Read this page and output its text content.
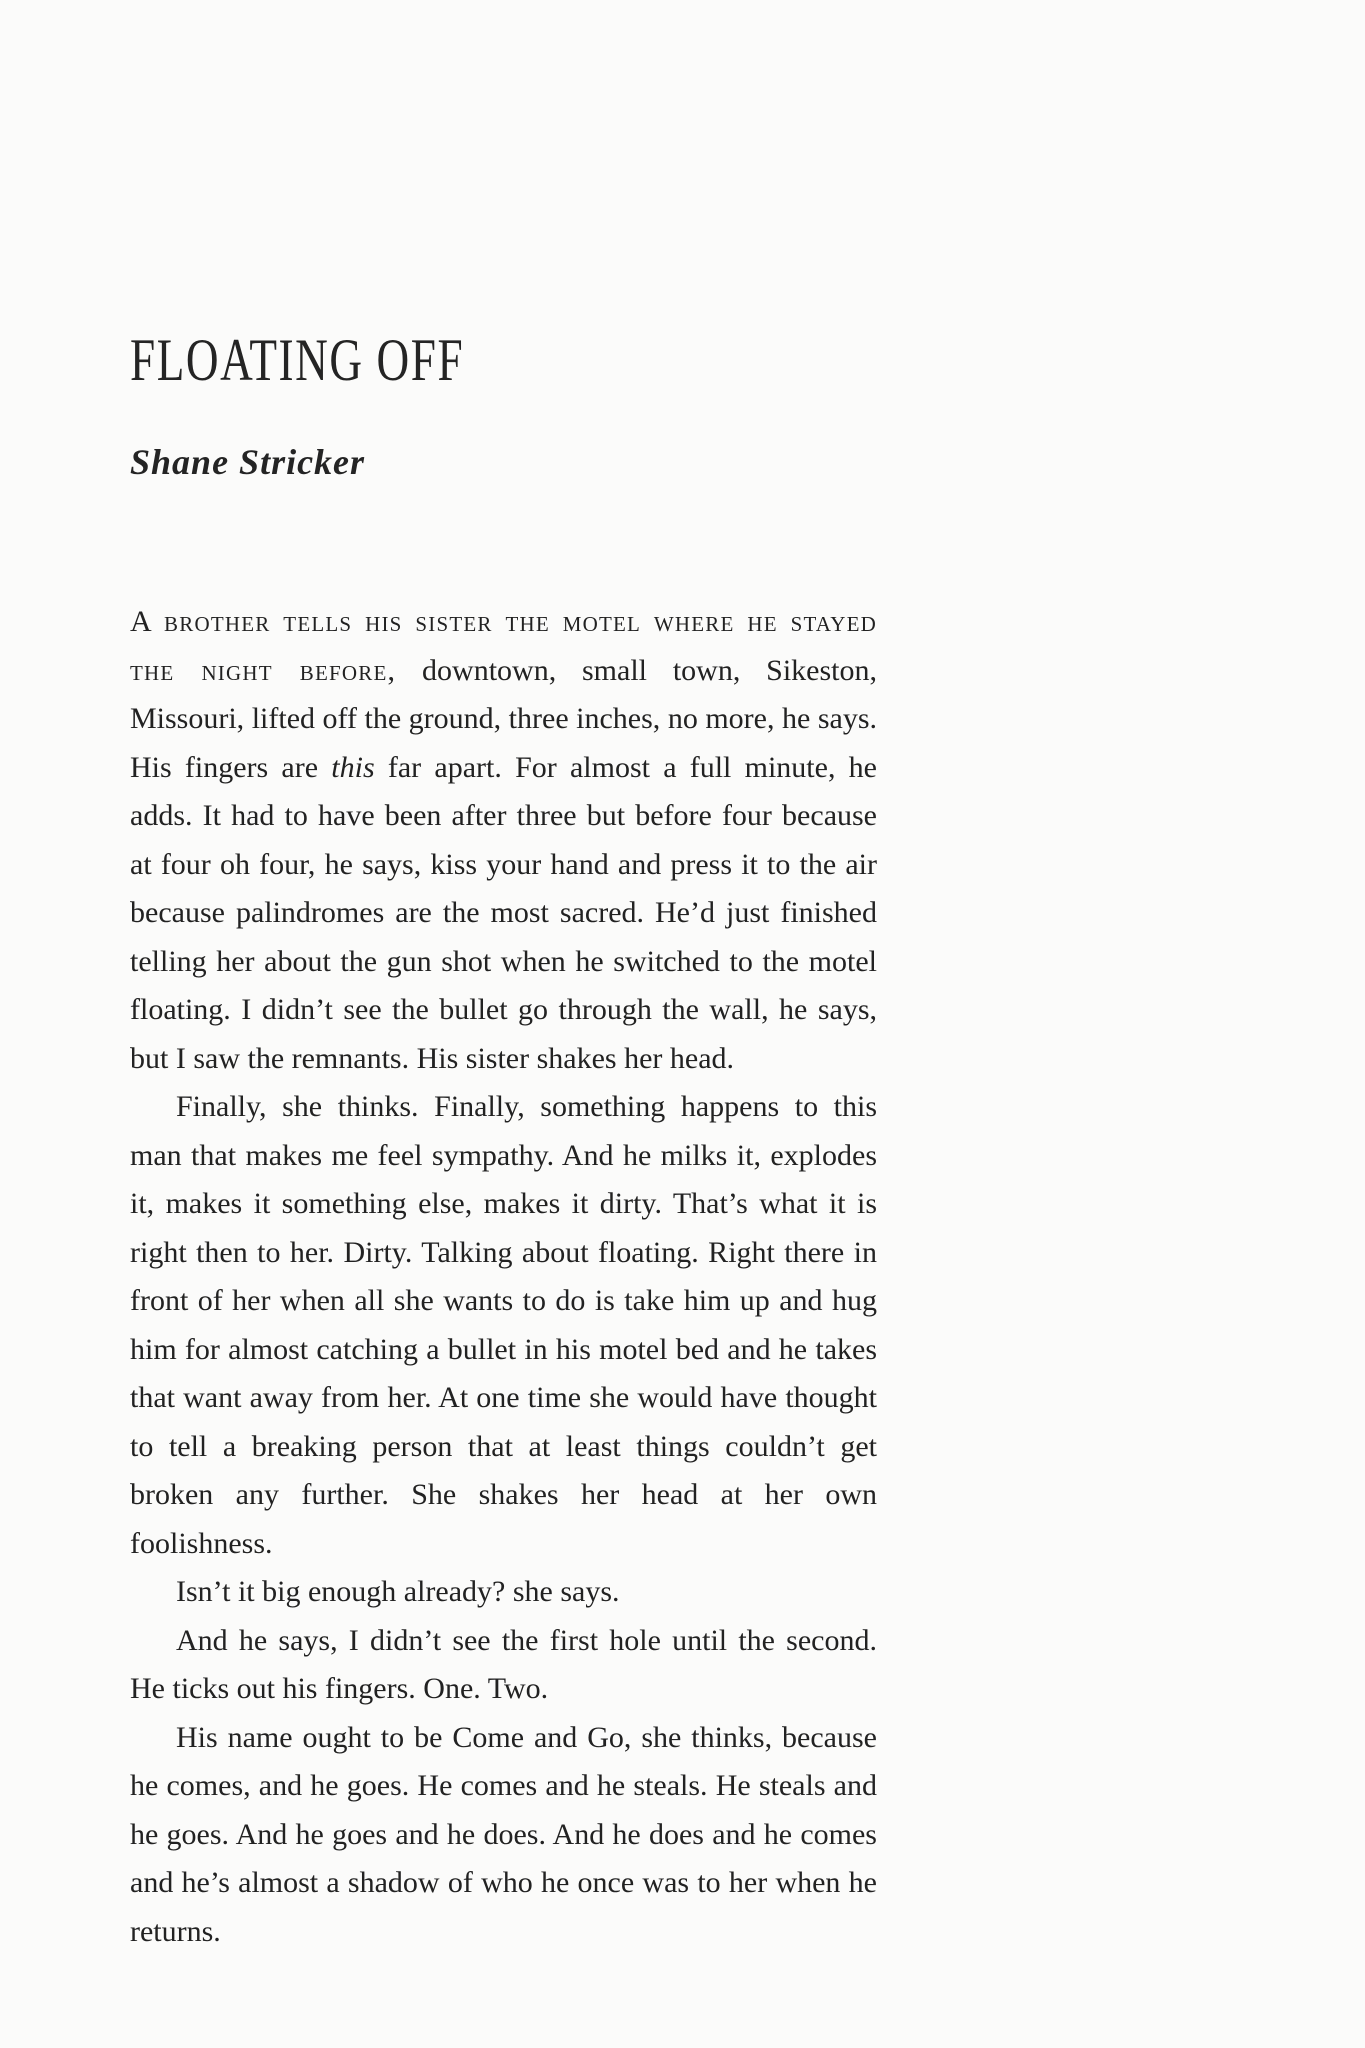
FLOATING OFF
Shane Stricker

A brother tells his sister the motel where he stayed the night before, downtown, small town, Sikeston, Missouri, lifted off the ground, three inches, no more, he says. His fingers are this far apart. For almost a full minute, he adds. It had to have been after three but before four because at four oh four, he says, kiss your hand and press it to the air because palindromes are the most sacred. He’d just finished telling her about the gun shot when he switched to the motel floating. I didn’t see the bullet go through the wall, he says, but I saw the remnants. His sister shakes her head.

Finally, she thinks. Finally, something happens to this man that makes me feel sympathy. And he milks it, explodes it, makes it something else, makes it dirty. That’s what it is right then to her. Dirty. Talking about floating. Right there in front of her when all she wants to do is take him up and hug him for almost catching a bullet in his motel bed and he takes that want away from her. At one time she would have thought to tell a breaking person that at least things couldn’t get broken any further. She shakes her head at her own foolishness.

Isn’t it big enough already? she says.

And he says, I didn’t see the first hole until the second. He ticks out his fingers. One. Two.

His name ought to be Come and Go, she thinks, because he comes, and he goes. He comes and he steals. He steals and he goes. And he goes and he does. And he does and he comes and he’s almost a shadow of who he once was to her when he returns.
